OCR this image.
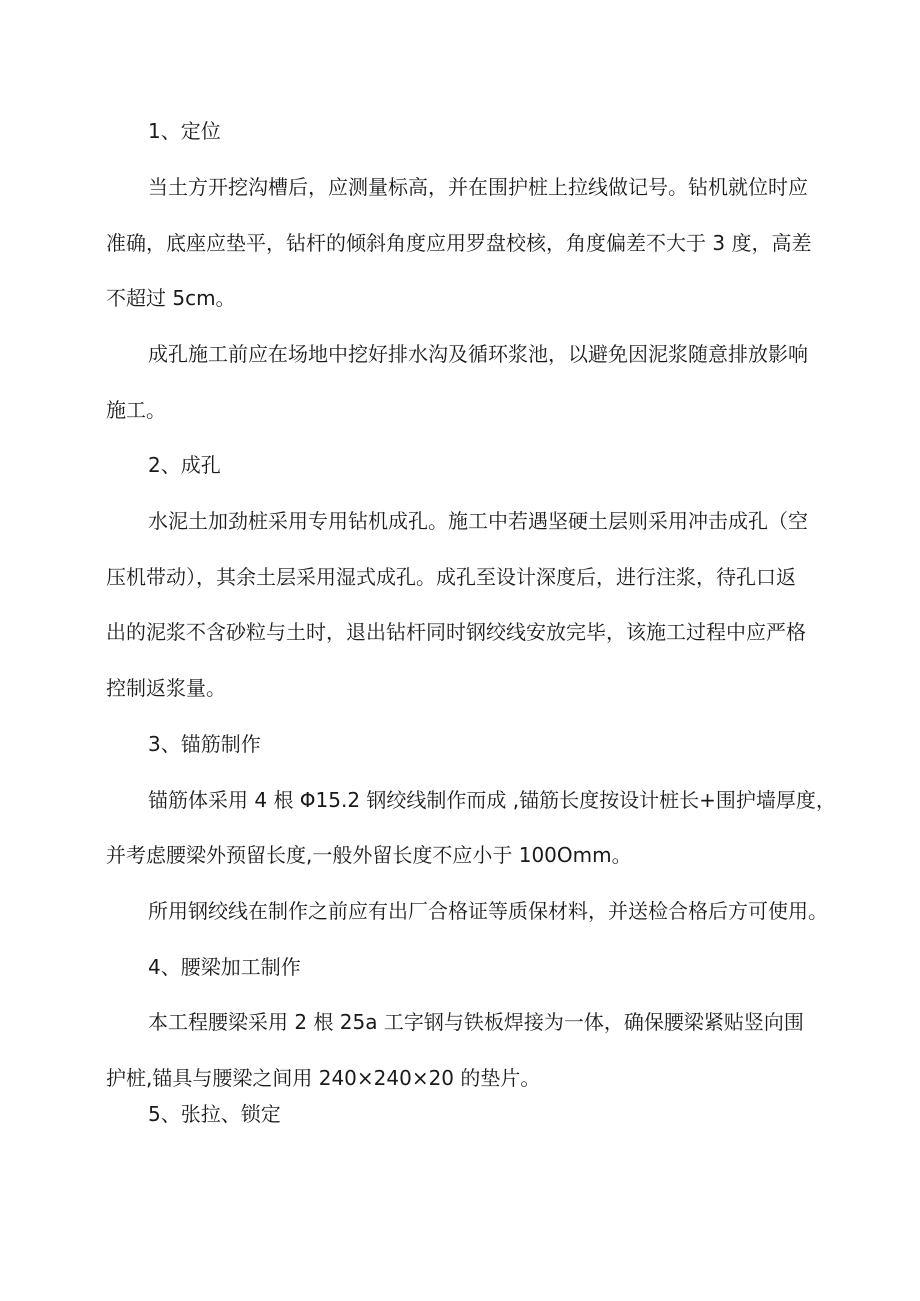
1、定位
当土方开挖沟槽后，应测量标高，并在围护桩上拉线做记号。钻机就位时应
准确，底座应垫平，钻杆的倾斜角度应用罗盘校核，角度偏差不大于 3 度，高差
不超过 5cm。
成孔施工前应在场地中挖好排水沟及循环浆池，以避免因泥浆随意排放影响
施工。
2、成孔
水泥土加劲桩采用专用钻机成孔。施工中若遇坚硬土层则采用冲击成孔（空
压机带动），其余土层采用湿式成孔。成孔至设计深度后，进行注浆，待孔口返
出的泥浆不含砂粒与土时，退出钻杆同时钢绞线安放完毕，该施工过程中应严格
控制返浆量。
3、锚筋制作
锚筋体采用 4 根 Φ15.2 钢绞线制作而成 ,锚筋长度按设计桩长+围护墙厚度，
并考虑腰梁外预留长度,一般外留长度不应小于 100Omm。
所用钢绞线在制作之前应有出厂合格证等质保材料，并送检合格后方可使用。
4、腰梁加工制作
本工程腰梁采用 2 根 25a 工字钢与铁板焊接为一体，确保腰梁紧贴竖向围
护桩,锚具与腰梁之间用 240×240×20 的垫片。
5、张拉、锁定
